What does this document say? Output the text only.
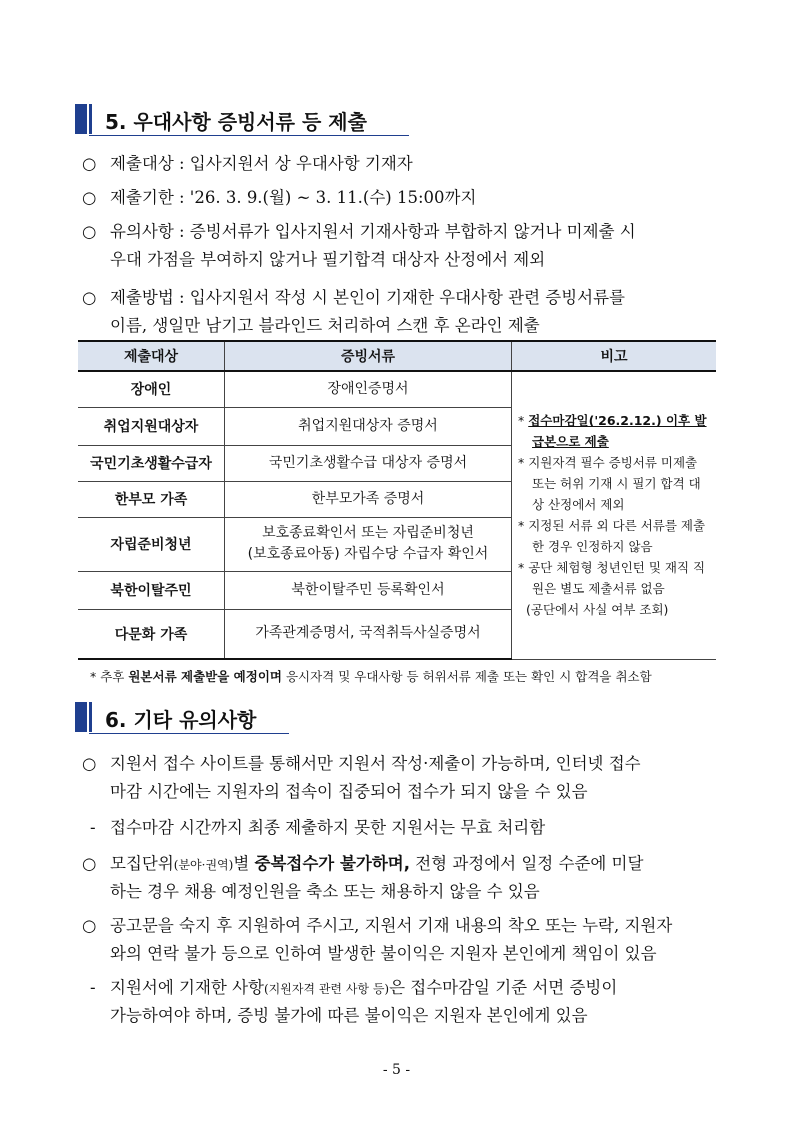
5. 우대사항 증빙서류 등 제출
○ 제출대상 : 입사지원서 상 우대사항 기재자
○ 제출기한 : '26. 3. 9.(월) ~ 3. 11.(수) 15:00까지
○ 유의사항 : 증빙서류가 입사지원서 기재사항과 부합하지 않거나 미제출 시
우대 가점을 부여하지 않거나 필기합격 대상자 산정에서 제외
○ 제출방법 : 입사지원서 작성 시 본인이 기재한 우대사항 관련 증빙서류를
이름, 생일만 남기고 블라인드 처리하여 스캔 후 온라인 제출
제출대상	증빙서류	비고
장애인	장애인증명서	* 접수마감일('26.2.12.) 이후 발급본으로 제출
* 지원자격 필수 증빙서류 미제출 또는 허위 기재 시 필기 합격 대상 산정에서 제외
* 지정된 서류 외 다른 서류를 제출한 경우 인정하지 않음
* 공단 체험형 청년인턴 및 재직 직원은 별도 제출서류 없음
(공단에서 사실 여부 조회)

취업지원대상자	취업지원대상자 증명서	
국민기초생활수급자	국민기초생활수급 대상자 증명서	
한부모 가족	한부모가족 증명서	
자립준비청년	보호종료확인서 또는 자립준비청년
(보호종료아동) 자립수당 수급자 확인서	

북한이탈주민	북한이탈주민 등록확인서	
다문화 가족	가족관계증명서, 국적취득사실증명서	
* 추후 원본서류 제출받을 예정이며 응시자격 및 우대사항 등 허위서류 제출 또는 확인 시 합격을 취소함
6. 기타 유의사항
○ 지원서 접수 사이트를 통해서만 지원서 작성·제출이 가능하며, 인터넷 접수
마감 시간에는 지원자의 접속이 집중되어 접수가 되지 않을 수 있음
- 접수마감 시간까지 최종 제출하지 못한 지원서는 무효 처리함
○ 모집단위(분야·권역)별 중복접수가 불가하며, 전형 과정에서 일정 수준에 미달
하는 경우 채용 예정인원을 축소 또는 채용하지 않을 수 있음
○ 공고문을 숙지 후 지원하여 주시고, 지원서 기재 내용의 착오 또는 누락, 지원자
와의 연락 불가 등으로 인하여 발생한 불이익은 지원자 본인에게 책임이 있음
- 지원서에 기재한 사항(지원자격 관련 사항 등)은 접수마감일 기준 서면 증빙이
가능하여야 하며, 증빙 불가에 따른 불이익은 지원자 본인에게 있음
- 5 -
